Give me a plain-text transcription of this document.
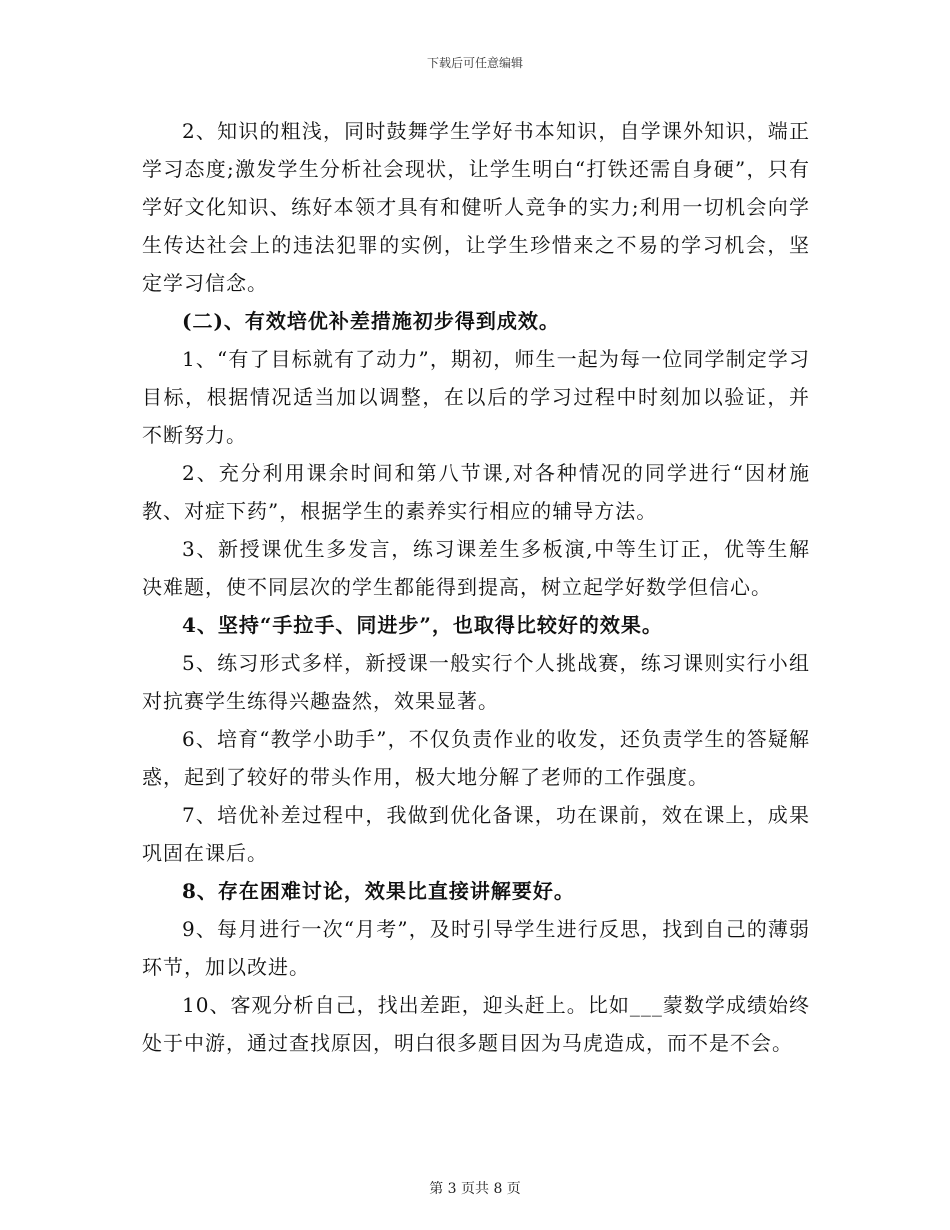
下载后可任意编辑

2、知识的粗浅，同时鼓舞学生学好书本知识，自学课外知识，端正学习态度;激发学生分析社会现状，让学生明白“打铁还需自身硬”，只有学好文化知识、练好本领才具有和健听人竞争的实力;利用一切机会向学生传达社会上的违法犯罪的实例，让学生珍惜来之不易的学习机会，坚定学习信念。

(二)、有效培优补差措施初步得到成效。

1、“有了目标就有了动力”，期初，师生一起为每一位同学制定学习目标，根据情况适当加以调整，在以后的学习过程中时刻加以验证，并不断努力。

2、充分利用课余时间和第八节课,对各种情况的同学进行“因材施教、对症下药”，根据学生的素养实行相应的辅导方法。

3、新授课优生多发言，练习课差生多板演,中等生订正，优等生解决难题，使不同层次的学生都能得到提高，树立起学好数学但信心。

4、坚持“手拉手、同进步”，也取得比较好的效果。

5、练习形式多样，新授课一般实行个人挑战赛，练习课则实行小组对抗赛学生练得兴趣盎然，效果显著。

6、培育“教学小助手”，不仅负责作业的收发，还负责学生的答疑解惑，起到了较好的带头作用，极大地分解了老师的工作强度。

7、培优补差过程中，我做到优化备课，功在课前，效在课上，成果巩固在课后。

8、存在困难讨论，效果比直接讲解要好。

9、每月进行一次“月考”，及时引导学生进行反思，找到自己的薄弱环节，加以改进。

10、客观分析自己，找出差距，迎头赶上。比如___蒙数学成绩始终处于中游，通过查找原因，明白很多题目因为马虎造成，而不是不会。

第 3 页共 8 页
